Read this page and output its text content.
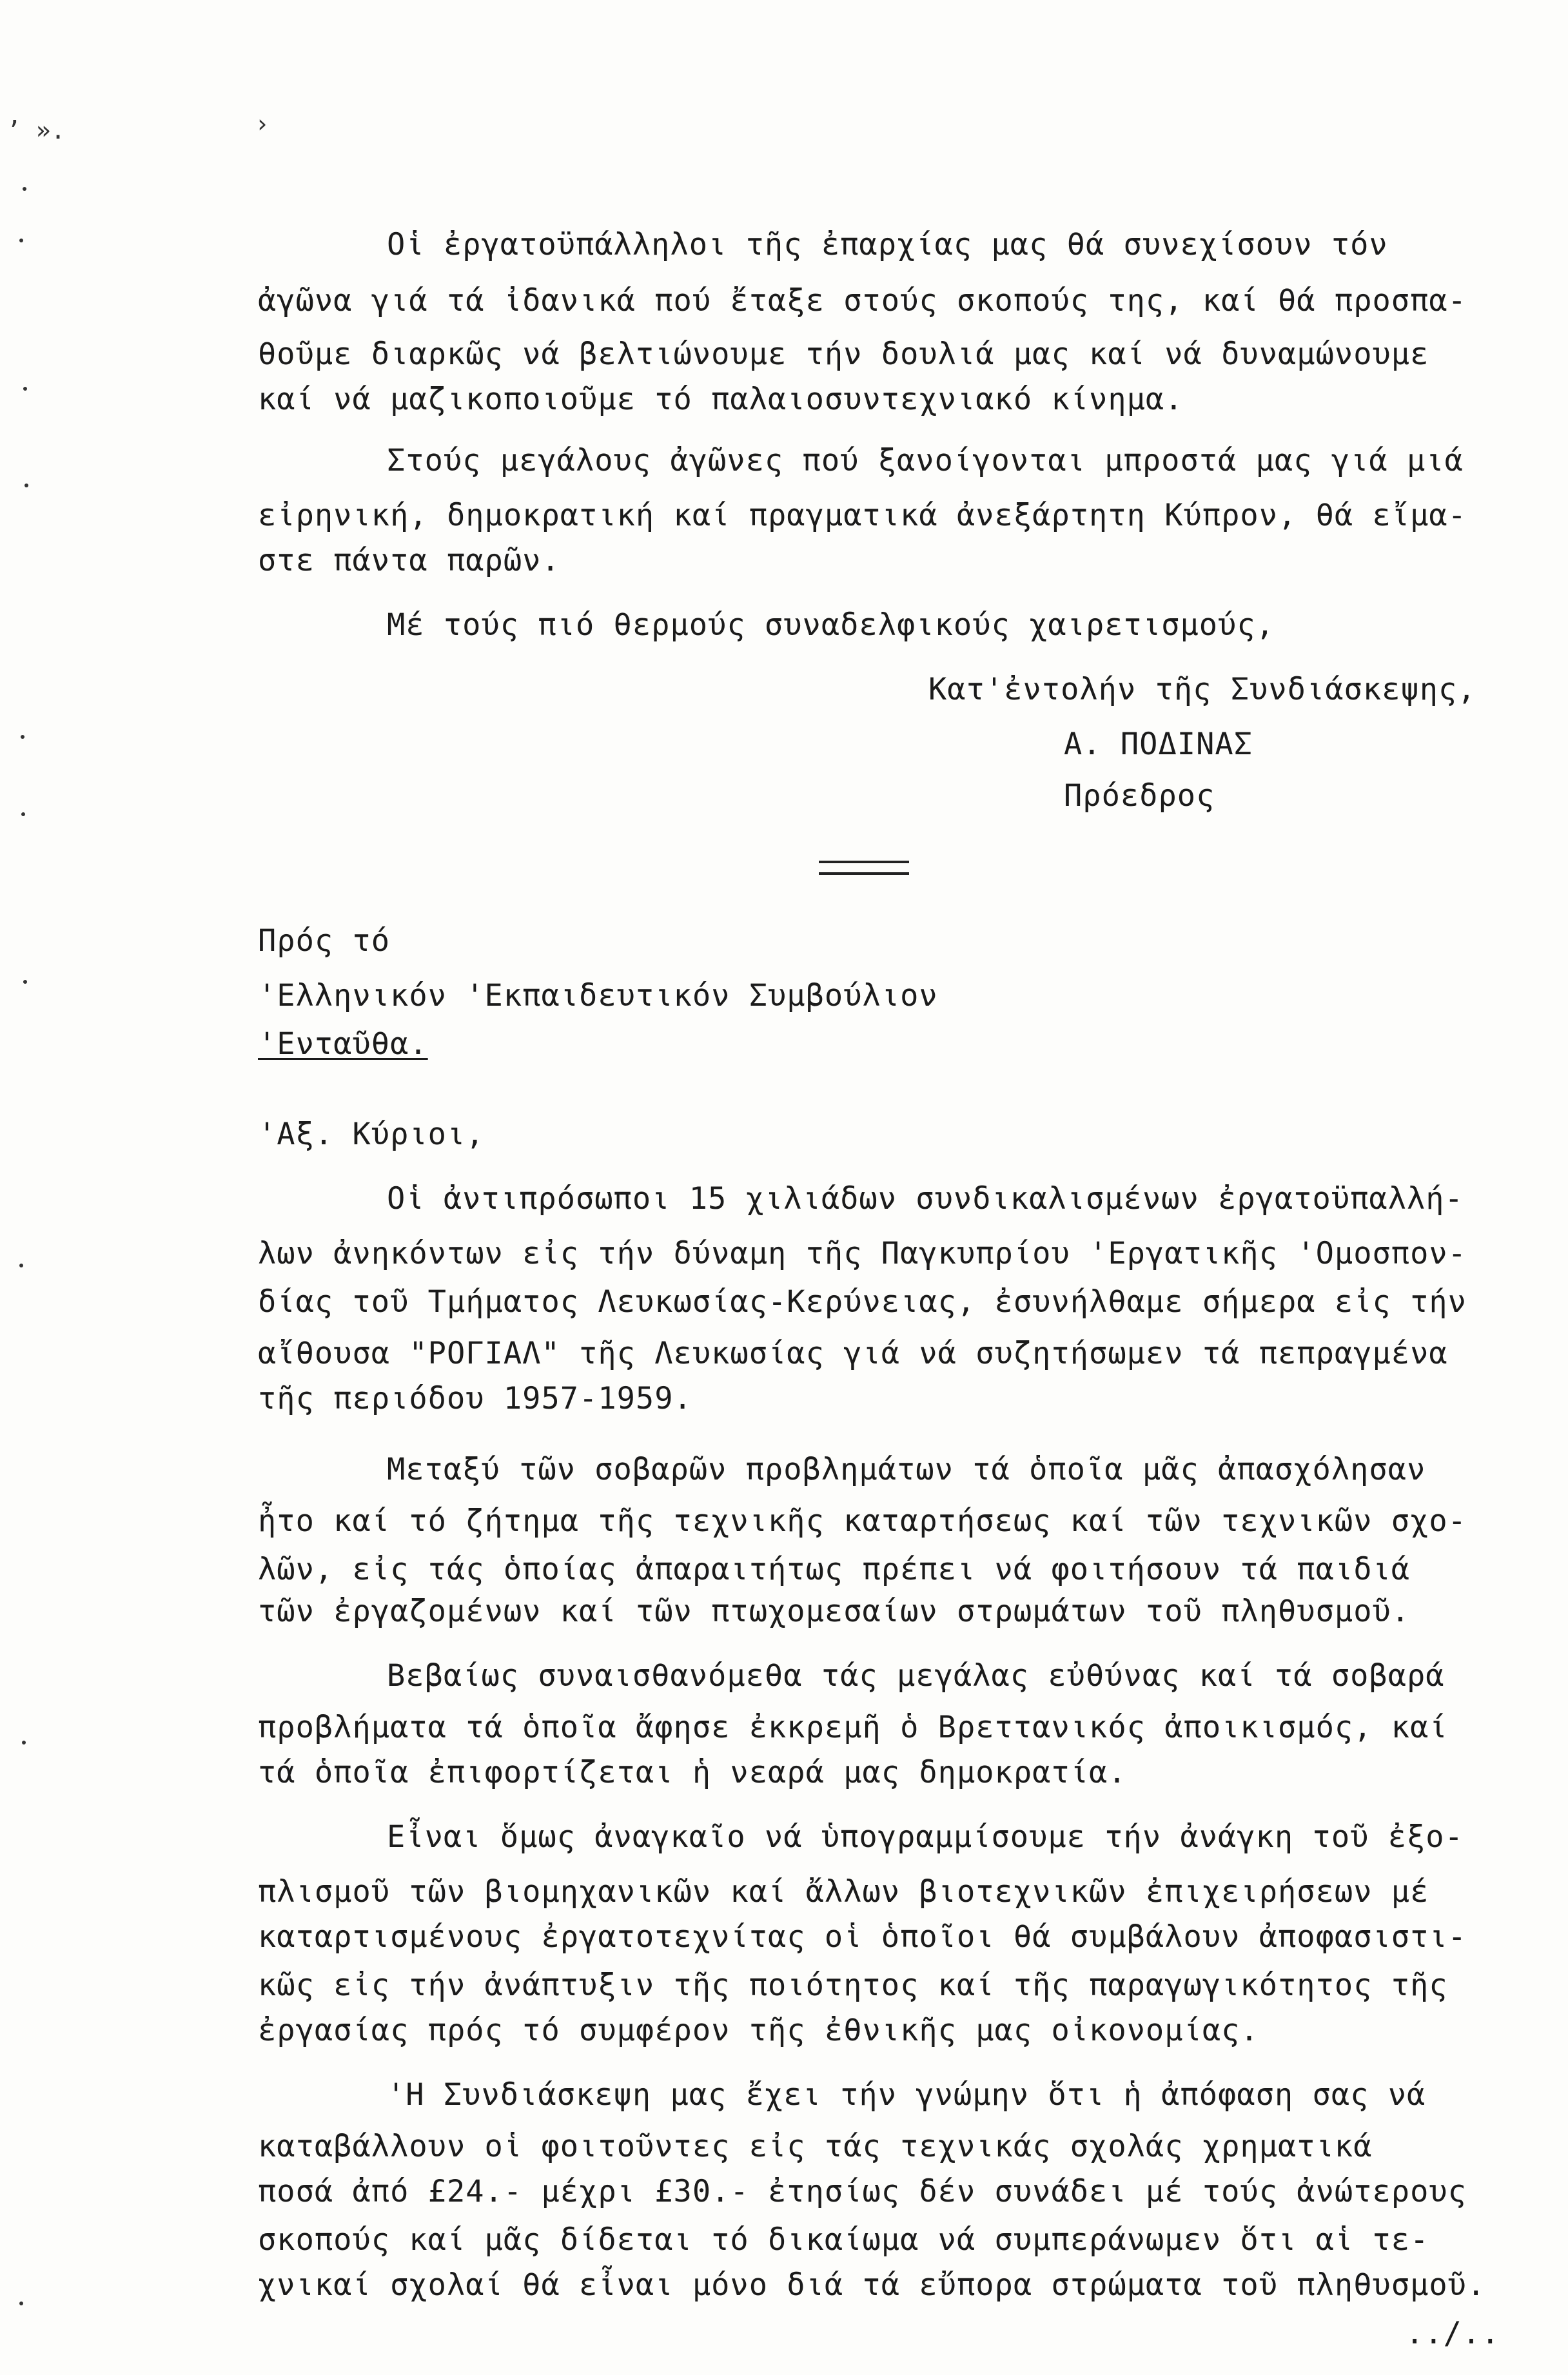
ʼ ».	›
Οἱ ἐργατοϋπάλληλοι τῆς ἐπαρχίας μας θά συνεχίσουν τόν
ἀγῶνα γιά τά ἰδανικά πού ἔταξε στούς σκοπούς της, καί θά προσπα-
θοῦμε διαρκῶς νά βελτιώνουμε τήν δουλιά μας καί νά δυναμώνουμε
καί νά μαζικοποιοῦμε τό παλαιοσυντεχνιακό κίνημα.
Στούς μεγάλους ἀγῶνες πού ξανοίγονται μπροστά μας γιά μιά
εἰρηνική, δημοκρατική καί πραγματικά ἀνεξάρτητη Κύπρον, θά εἴμα-
στε πάντα παρῶν.
Μέ τούς πιό θερμούς συναδελφικούς χαιρετισμούς,
Κατ'ἐντολήν τῆς Συνδιάσκεψης,
Α. ΠΟΔΙΝΑΣ
Πρόεδρος
Πρός τό
'Ελληνικόν 'Εκπαιδευτικόν Συμβούλιον
'Ενταῦθα.
'Αξ. Κύριοι,
Οἱ ἀντιπρόσωποι 15 χιλιάδων συνδικαλισμένων ἐργατοϋπαλλή-
λων ἀνηκόντων εἰς τήν δύναμη τῆς Παγκυπρίου 'Εργατικῆς 'Ομοσπον-
δίας τοῦ Τμήματος Λευκωσίας-Κερύνειας, ἐσυνήλθαμε σήμερα εἰς τήν
αἴθουσα "ΡΟΓΙΑΛ" τῆς Λευκωσίας γιά νά συζητήσωμεν τά πεπραγμένα
τῆς περιόδου 1957-1959.
Μεταξύ τῶν σοβαρῶν προβλημάτων τά ὁποῖα μᾶς ἀπασχόλησαν
ἦτο καί τό ζήτημα τῆς τεχνικῆς καταρτήσεως καί τῶν τεχνικῶν σχο-
λῶν, εἰς τάς ὁποίας ἀπαραιτήτως πρέπει νά φοιτήσουν τά παιδιά
τῶν ἐργαζομένων καί τῶν πτωχομεσαίων στρωμάτων τοῦ πληθυσμοῦ.
Βεβαίως συναισθανόμεθα τάς μεγάλας εὐθύνας καί τά σοβαρά
προβλήματα τά ὁποῖα ἄφησε ἐκκρεμῆ ὁ Βρεττανικός ἀποικισμός, καί
τά ὁποῖα ἐπιφορτίζεται ἡ νεαρά μας δημοκρατία.
Εἶναι ὅμως ἀναγκαῖο νά ὑπογραμμίσουμε τήν ἀνάγκη τοῦ ἐξο-
πλισμοῦ τῶν βιομηχανικῶν καί ἄλλων βιοτεχνικῶν ἐπιχειρήσεων μέ
καταρτισμένους ἐργατοτεχνίτας οἱ ὁποῖοι θά συμβάλουν ἀποφασιστι-
κῶς εἰς τήν ἀνάπτυξιν τῆς ποιότητος καί τῆς παραγωγικότητος τῆς
ἐργασίας πρός τό συμφέρον τῆς ἐθνικῆς μας οἰκονομίας.
'Η Συνδιάσκεψη μας ἔχει τήν γνώμην ὅτι ἡ ἀπόφαση σας νά
καταβάλλουν οἱ φοιτοῦντες εἰς τάς τεχνικάς σχολάς χρηματικά
ποσά ἀπό £24.- μέχρι £30.- ἐτησίως δέν συνάδει μέ τούς ἀνώτερους
σκοπούς καί μᾶς δίδεται τό δικαίωμα νά συμπεράνωμεν ὅτι αἱ τε-
χνικαί σχολαί θά εἶναι μόνο διά τά εὔπορα στρώματα τοῦ πληθυσμοῦ.
../..
